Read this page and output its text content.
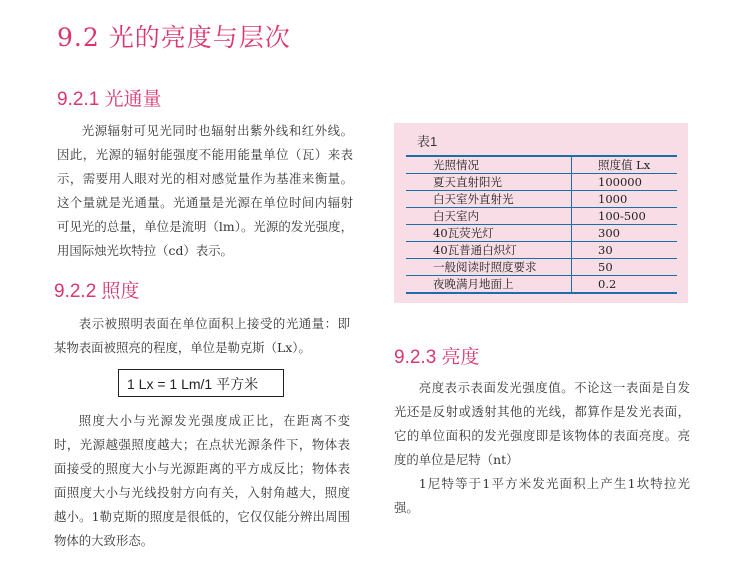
9.2 光的亮度与层次
9.2.1 光通量

光源辐射可见光同时也辐射出紫外线和红外线。因此，光源的辐射能强度不能用能量单位（瓦）来表示，需要用人眼对光的相对感觉量作为基准来衡量。这个量就是光通量。光通量是光源在单位时间内辐射可见光的总量，单位是流明（lm）。光源的发光强度，用国际烛光坎特拉（cd）表示。

9.2.2 照度

表示被照明表面在单位面积上接受的光通量：即某物表面被照亮的程度，单位是勒克斯（Lx）。

1 Lx = 1 Lm/1 平方米

照度大小与光源发光强度成正比，在距离不变时，光源越强照度越大；在点状光源条件下，物体表面接受的照度大小与光源距离的平方成反比；物体表面照度大小与光线投射方向有关，入射角越大，照度越小。1勒克斯的照度是很低的，它仅仅能分辨出周围物体的大致形态。

表1
光照情况	照度值 Lx
夏天直射阳光	100000
白天室外直射光	1000
白天室内	100-500
40瓦荧光灯	300
40瓦普通白炽灯	30
一般阅读时照度要求	50
夜晚满月地面上	0.2
9.2.3 亮度

亮度表示表面发光强度值。不论这一表面是自发光还是反射或透射其他的光线，都算作是发光表面，它的单位面积的发光强度即是该物体的表面亮度。亮度的单位是尼特（nt）

1尼特等于1平方米发光面积上产生1坎特拉光强。
